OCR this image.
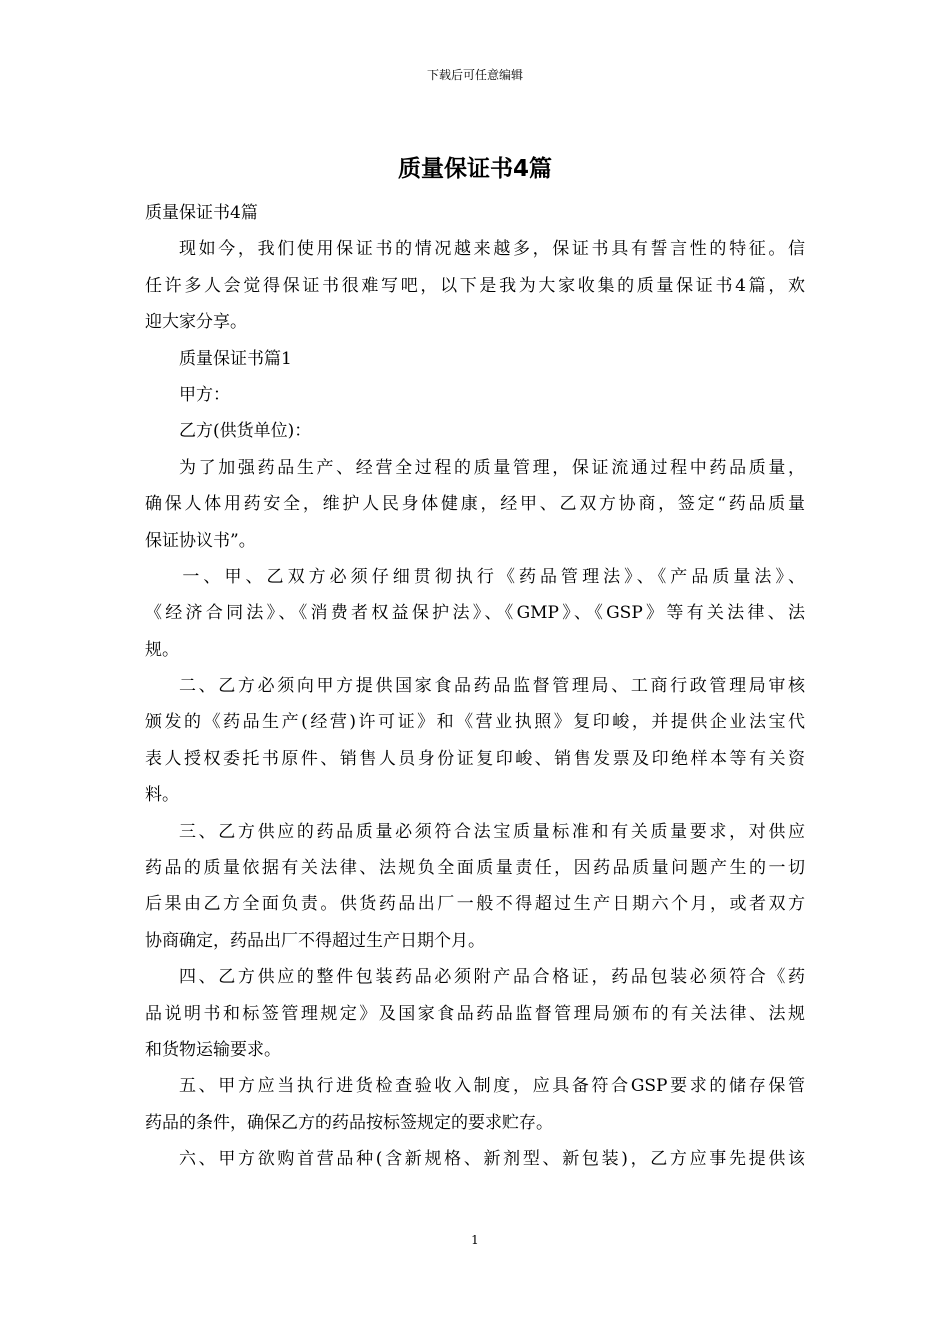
下载后可任意编辑
质量保证书4篇
质量保证书4篇
现如今，我们使用保证书的情况越来越多，保证书具有誓言性的特征。信
任许多人会觉得保证书很难写吧，以下是我为大家收集的质量保证书4篇，欢
迎大家分享。
质量保证书篇1
甲方：
乙方(供货单位)：
为了加强药品生产、经营全过程的质量管理，保证流通过程中药品质量，
确保人体用药安全，维护人民身体健康，经甲、乙双方协商，签定“药品质量
保证协议书”。
一、甲、乙双方必须仔细贯彻执行《药品管理法》、《产品质量法》、
《经济合同法》、《消费者权益保护法》、《GMP》、《GSP》等有关法律、法
规。
二、乙方必须向甲方提供国家食品药品监督管理局、工商行政管理局审核
颁发的《药品生产(经营)许可证》和《营业执照》复印峻，并提供企业法宝代
表人授权委托书原件、销售人员身份证复印峻、销售发票及印绝样本等有关资
料。
三、乙方供应的药品质量必须符合法宝质量标准和有关质量要求，对供应
药品的质量依据有关法律、法规负全面质量责任，因药品质量问题产生的一切
后果由乙方全面负责。供货药品出厂一般不得超过生产日期六个月，或者双方
协商确定，药品出厂不得超过生产日期个月。
四、乙方供应的整件包装药品必须附产品合格证，药品包装必须符合《药
品说明书和标签管理规定》及国家食品药品监督管理局颁布的有关法律、法规
和货物运输要求。
五、甲方应当执行进货检查验收入制度，应具备符合GSP要求的储存保管
药品的条件，确保乙方的药品按标签规定的要求贮存。
六、甲方欲购首营品种(含新规格、新剂型、新包装)，乙方应事先提供该
1
